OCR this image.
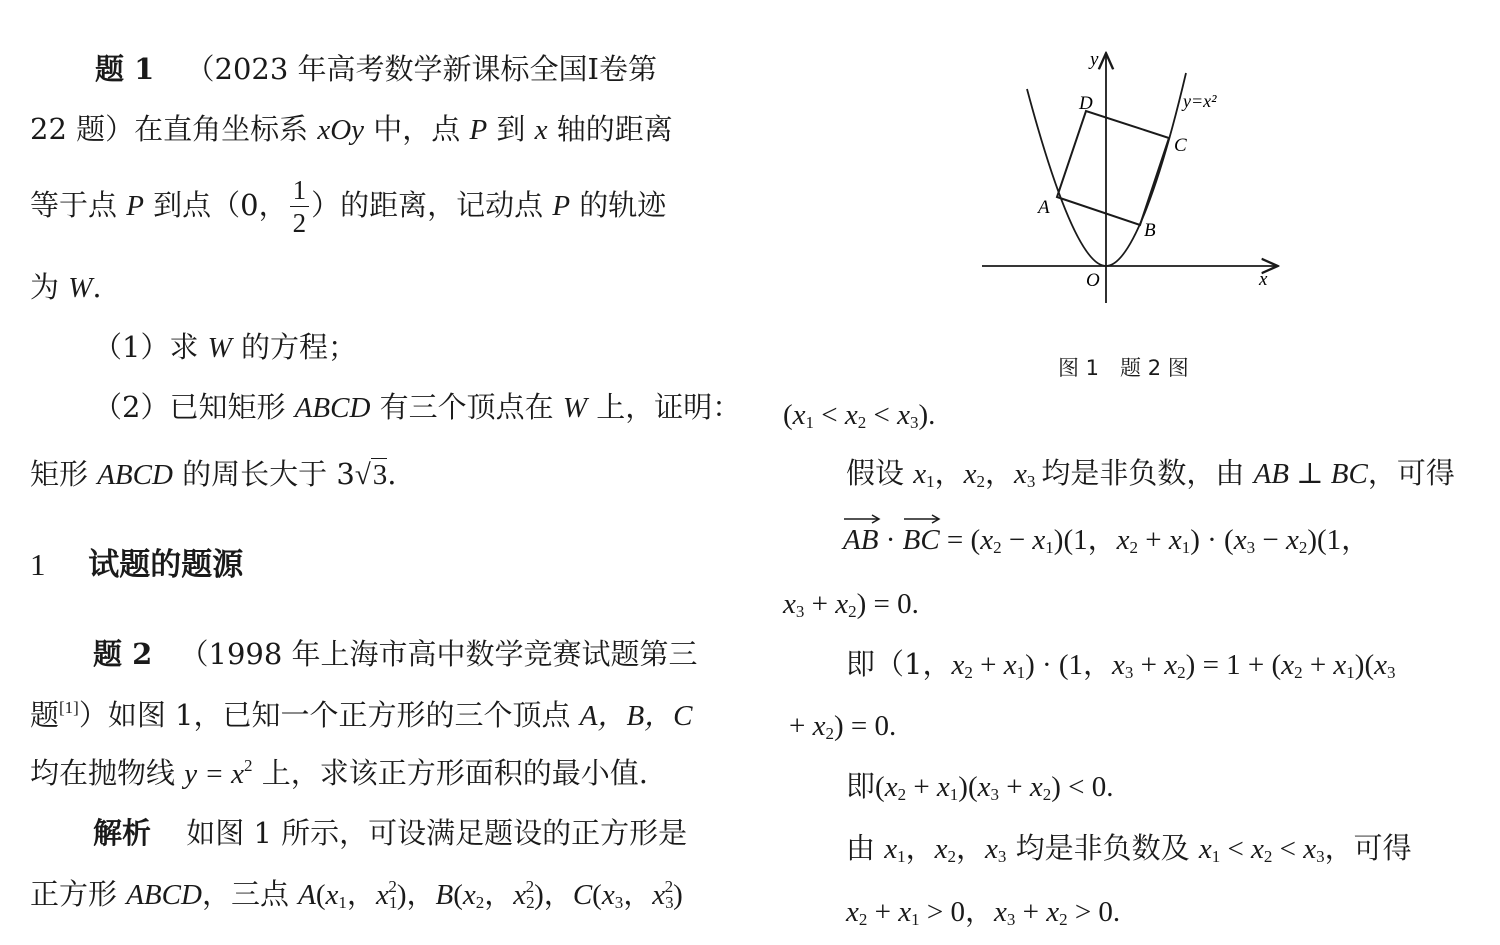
题 1 （2023 年高考数学新课标全国Ⅰ卷第
22 题）在直角坐标系 xOy 中，点 P 到 x 轴的距离
等于点 P 到点（0， $\frac{1}{2}$ ）的距离，记动点 P 的轨迹
为 W.
（1）求 W 的方程；
（2）已知矩形 ABCD 有三个顶点在 W 上，证明：
矩形 ABCD 的周长大于 3√3.
1 试题的题源
题 2 （1998 年上海市高中数学竞赛试题第三
题[1]）如图 1，已知一个正方形的三个顶点 A，B，C
均在抛物线 $y = x^2$ 上，求该正方形面积的最小值.
解析 如图 1 所示，可设满足题设的正方形是
正方形 ABCD，三点 $A(x_1$，$x_1^2$)，$B(x_2$，$x_2^2$)，$C(x_3$，$x_3^2$)
y
x
O
A
B
C
D	y=x²
图 1　题 2 图
$(x_1 < x_2 < x_3)$.
假设 $x_1$，$x_2$，$x_3$ 均是非负数，由 AB ⊥ BC，可得
AB ·
BC = $(x_2 - x_1)(1$，$x_2 + x_1) \cdot (x_3 - x_2)(1$，
$x_3 + x_2) = 0$.
即（1，$x_2 + x_1) \cdot (1$，$x_3 + x_2) = 1 + (x_2 + x_1)(x_3$
+ $x_2) = 0$.
即$(x_2 + x_1)(x_3 + x_2) < 0$.
由 $x_1$，$x_2$，$x_3$ 均是非负数及 $x_1 < x_2 < x_3$，可得
$x_2 + x_1 > 0$，$x_3 + x_2 > 0$.
